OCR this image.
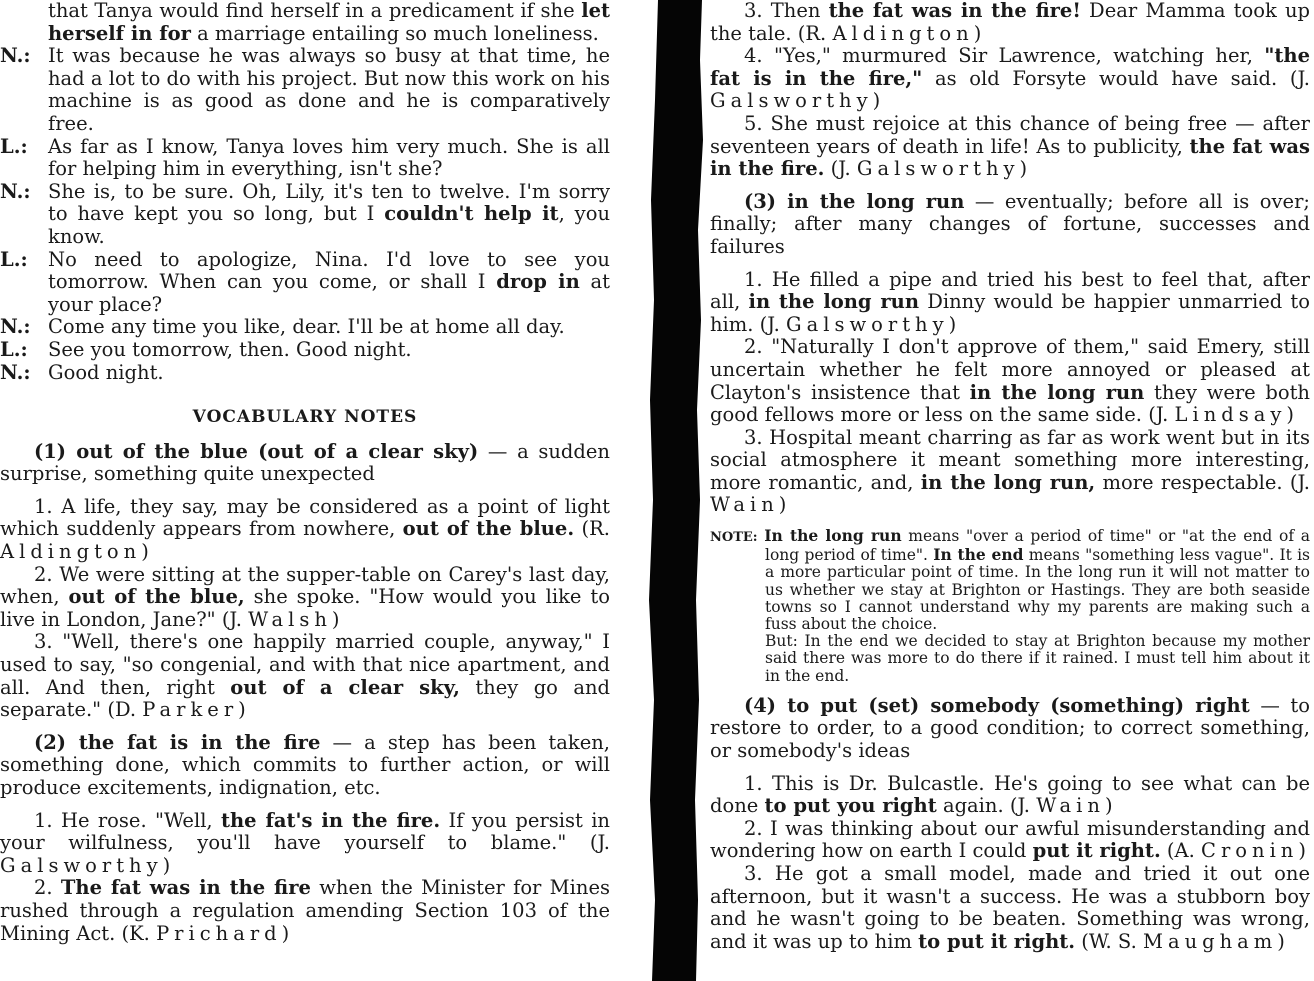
that Tanya would find herself in a predicament if she let herself in for a marriage entailing so much loneliness.

N.: It was because he was always so busy at that time, he had a lot to do with his project. But now this work on his machine is as good as done and he is comparatively free.

L.: As far as I know, Tanya loves him very much. She is all for helping him in everything, isn't she?

N.: She is, to be sure. Oh, Lily, it's ten to twelve. I'm sorry to have kept you so long, but I couldn't help it, you know.

L.: No need to apologize, Nina. I'd love to see you tomorrow. When can you come, or shall I drop in at your place?

N.: Come any time you like, dear. I'll be at home all day.

L.: See you tomorrow, then. Good night.

N.: Good night.

VOCABULARY NOTES

(1) out of the blue (out of a clear sky) — a sudden surprise, something quite unexpected

1. A life, they say, may be considered as a point of light which suddenly appears from nowhere, out of the blue. (R. Aldington)

2. We were sitting at the supper-table on Carey's last day, when, out of the blue, she spoke. "How would you like to live in London, Jane?" (J. Walsh)

3. "Well, there's one happily married couple, anyway," I used to say, "so congenial, and with that nice apartment, and all. And then, right out of a clear sky, they go and separate." (D. Parker)

(2) the fat is in the fire — a step has been taken, something done, which commits to further action, or will produce excitements, indignation, etc.

1. He rose. "Well, the fat's in the fire. If you persist in your wilfulness, you'll have yourself to blame." (J. Galsworthy)

2. The fat was in the fire when the Minister for Mines rushed through a regulation amending Section 103 of the Mining Act. (K. Prichard)

3. Then the fat was in the fire! Dear Mamma took up the tale. (R. Aldington)

4. "Yes," murmured Sir Lawrence, watching her, "the fat is in the fire," as old Forsyte would have said. (J. Galsworthy)

5. She must rejoice at this chance of being free — after seventeen years of death in life! As to publicity, the fat was in the fire. (J. Galsworthy)

(3) in the long run — eventually; before all is over; finally; after many changes of fortune, successes and failures

1. He filled a pipe and tried his best to feel that, after all, in the long run Dinny would be happier unmarried to him. (J. Galsworthy)

2. "Naturally I don't approve of them," said Emery, still uncertain whether he felt more annoyed or pleased at Clayton's insistence that in the long run they were both good fellows more or less on the same side. (J. Lindsay)

3. Hospital meant charring as far as work went but in its social atmosphere it meant something more interesting, more romantic, and, in the long run, more respectable. (J. Wain)

NOTE: In the long run means "over a period of time" or "at the end of a long period of time". In the end means "something less vague". It is a more particular point of time. In the long run it will not matter to us whether we stay at Brighton or Hastings. They are both seaside towns so I cannot understand why my parents are making such a fuss about the choice.

But: In the end we decided to stay at Brighton because my mother said there was more to do there if it rained. I must tell him about it in the end.

(4) to put (set) somebody (something) right — to restore to order, to a good condition; to correct something, or somebody's ideas

1. This is Dr. Bulcastle. He's going to see what can be done to put you right again. (J. Wain)

2. I was thinking about our awful misunderstanding and wondering how on earth I could put it right. (A. Cronin)

3. He got a small model, made and tried it out one afternoon, but it wasn't a success. He was a stubborn boy and he wasn't going to be beaten. Something was wrong, and it was up to him to put it right. (W. S. Maugham)
